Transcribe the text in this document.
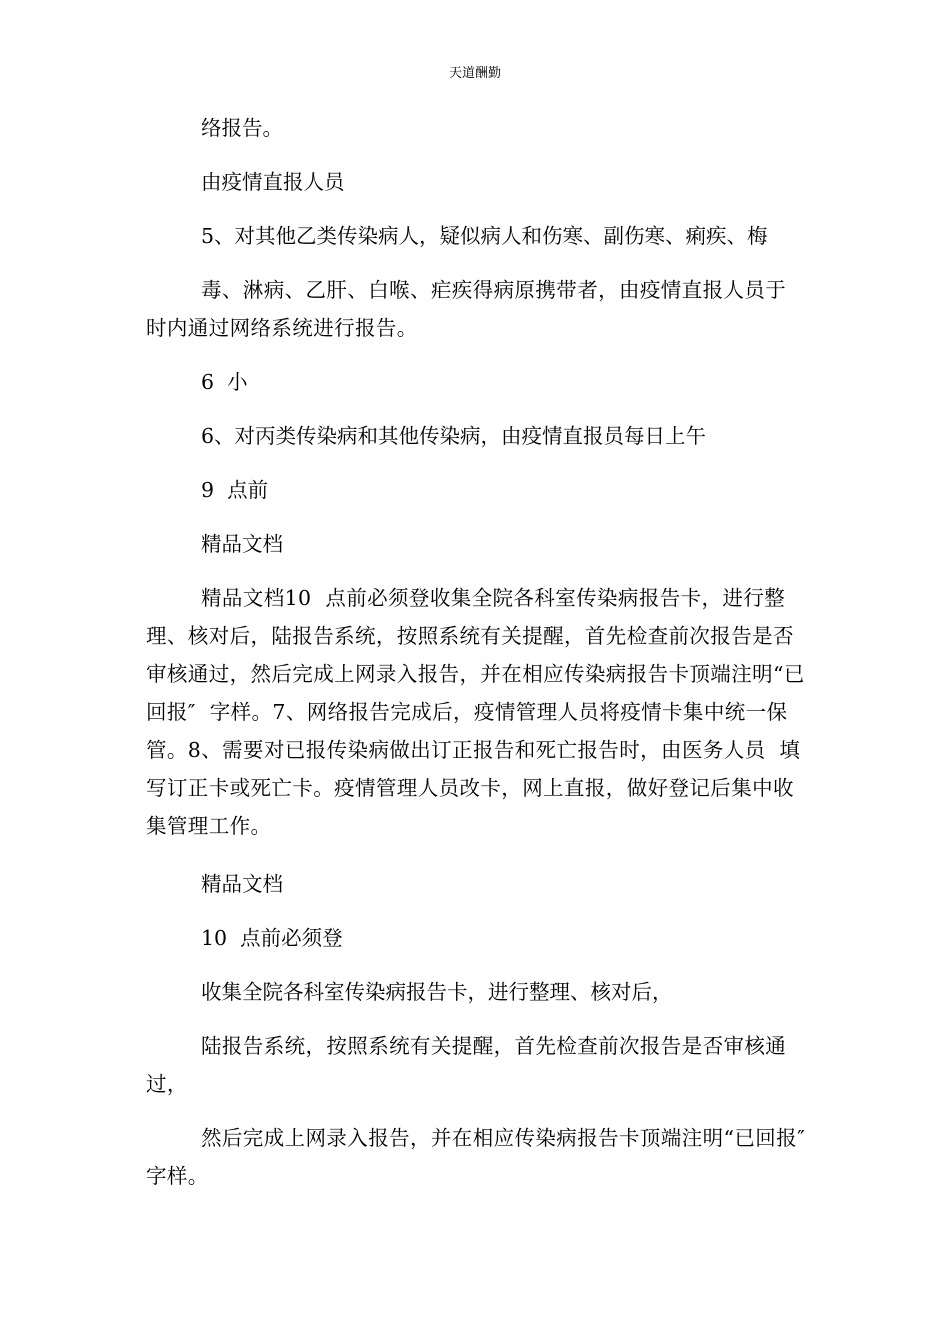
天道酬勤
络报告。
由疫情直报人员
5、对其他乙类传染病人，疑似病人和伤寒、副伤寒、痢疾、梅
毒、淋病、乙肝、白喉、疟疾得病原携带者，由疫情直报人员于时内通过网络系统进行报告。
6  小
6、对丙类传染病和其他传染病，由疫情直报员每日上午
9  点前
精品文档
精品文档10  点前必须登收集全院各科室传染病报告卡，进行整理、核对后，陆报告系统，按照系统有关提醒，首先检查前次报告是否审核通过，然后完成上网录入报告，并在相应传染病报告卡顶端注明“已回报″  字样。7、网络报告完成后，疫情管理人员将疫情卡集中统一保管。8、需要对已报传染病做出订正报告和死亡报告时，由医务人员  填写订正卡或死亡卡。疫情管理人员改卡，网上直报，做好登记后集中收集管理工作。
精品文档
10  点前必须登
收集全院各科室传染病报告卡，进行整理、核对后，
陆报告系统，按照系统有关提醒，首先检查前次报告是否审核通过，
然后完成上网录入报告，并在相应传染病报告卡顶端注明“已回报″  字样。
